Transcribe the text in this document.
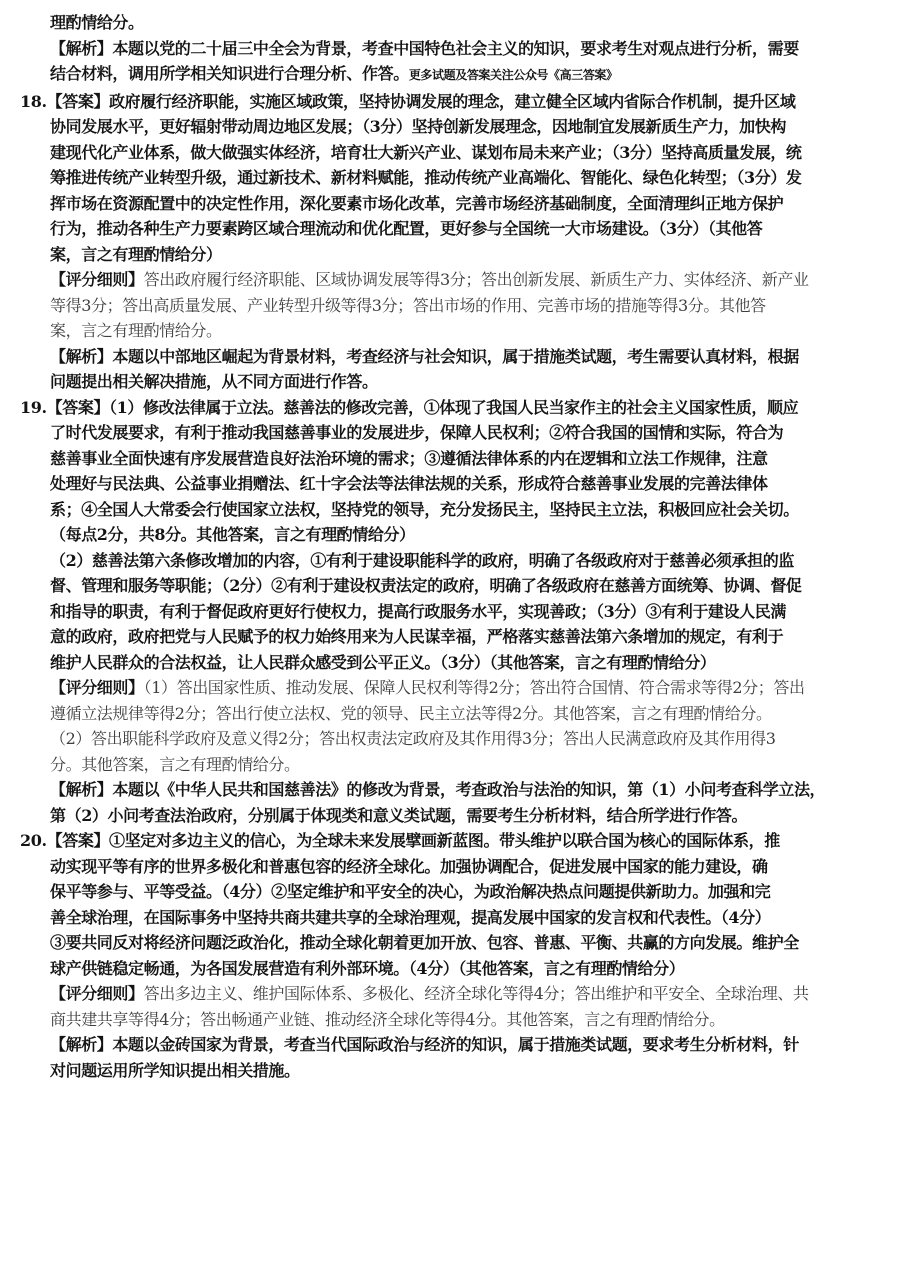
理酌情给分。
【解析】本题以党的二十届三中全会为背景，考查中国特色社会主义的知识，要求考生对观点进行分析，需要
结合材料，调用所学相关知识进行合理分析、作答。更多试题及答案关注公众号《高三答案》
18.【答案】政府履行经济职能，实施区域政策，坚持协调发展的理念，建立健全区域内省际合作机制，提升区域
协同发展水平，更好辐射带动周边地区发展；（3分）坚持创新发展理念，因地制宜发展新质生产力，加快构
建现代化产业体系，做大做强实体经济，培育壮大新兴产业、谋划布局未来产业；（3分）坚持高质量发展，统
筹推进传统产业转型升级，通过新技术、新材料赋能，推动传统产业高端化、智能化、绿色化转型；（3分）发
挥市场在资源配置中的决定性作用，深化要素市场化改革，完善市场经济基础制度，全面清理纠正地方保护
行为，推动各种生产力要素跨区域合理流动和优化配置，更好参与全国统一大市场建设。（3分）（其他答
案，言之有理酌情给分）
【评分细则】答出政府履行经济职能、区域协调发展等得3分；答出创新发展、新质生产力、实体经济、新产业
等得3分；答出高质量发展、产业转型升级等得3分；答出市场的作用、完善市场的措施等得3分。其他答
案，言之有理酌情给分。
【解析】本题以中部地区崛起为背景材料，考查经济与社会知识，属于措施类试题，考生需要认真材料，根据
问题提出相关解决措施，从不同方面进行作答。
19.【答案】（1）修改法律属于立法。慈善法的修改完善，①体现了我国人民当家作主的社会主义国家性质，顺应
了时代发展要求，有利于推动我国慈善事业的发展进步，保障人民权利；②符合我国的国情和实际，符合为
慈善事业全面快速有序发展营造良好法治环境的需求；③遵循法律体系的内在逻辑和立法工作规律，注意
处理好与民法典、公益事业捐赠法、红十字会法等法律法规的关系，形成符合慈善事业发展的完善法律体
系；④全国人大常委会行使国家立法权，坚持党的领导，充分发扬民主，坚持民主立法，积极回应社会关切。
（每点2分，共8分。其他答案，言之有理酌情给分）
（2）慈善法第六条修改增加的内容，①有利于建设职能科学的政府，明确了各级政府对于慈善必须承担的监
督、管理和服务等职能；（2分）②有利于建设权责法定的政府，明确了各级政府在慈善方面统筹、协调、督促
和指导的职责，有利于督促政府更好行使权力，提高行政服务水平，实现善政；（3分）③有利于建设人民满
意的政府，政府把党与人民赋予的权力始终用来为人民谋幸福，严格落实慈善法第六条增加的规定，有利于
维护人民群众的合法权益，让人民群众感受到公平正义。（3分）（其他答案，言之有理酌情给分）
【评分细则】（1）答出国家性质、推动发展、保障人民权利等得2分；答出符合国情、符合需求等得2分；答出
遵循立法规律等得2分；答出行使立法权、党的领导、民主立法等得2分。其他答案，言之有理酌情给分。
（2）答出职能科学政府及意义得2分；答出权责法定政府及其作用得3分；答出人民满意政府及其作用得3
分。其他答案，言之有理酌情给分。
【解析】本题以《中华人民共和国慈善法》的修改为背景，考查政治与法治的知识，第（1）小问考查科学立法，
第（2）小问考查法治政府，分别属于体现类和意义类试题，需要考生分析材料，结合所学进行作答。
20.【答案】①坚定对多边主义的信心，为全球未来发展擘画新蓝图。带头维护以联合国为核心的国际体系，推
动实现平等有序的世界多极化和普惠包容的经济全球化。加强协调配合，促进发展中国家的能力建设，确
保平等参与、平等受益。（4分）②坚定维护和平安全的决心，为政治解决热点问题提供新助力。加强和完
善全球治理，在国际事务中坚持共商共建共享的全球治理观，提高发展中国家的发言权和代表性。（4分）
③要共同反对将经济问题泛政治化，推动全球化朝着更加开放、包容、普惠、平衡、共赢的方向发展。维护全
球产供链稳定畅通，为各国发展营造有利外部环境。（4分）（其他答案，言之有理酌情给分）
【评分细则】答出多边主义、维护国际体系、多极化、经济全球化等得4分；答出维护和平安全、全球治理、共
商共建共享等得4分；答出畅通产业链、推动经济全球化等得4分。其他答案，言之有理酌情给分。
【解析】本题以金砖国家为背景，考查当代国际政治与经济的知识，属于措施类试题，要求考生分析材料，针
对问题运用所学知识提出相关措施。
